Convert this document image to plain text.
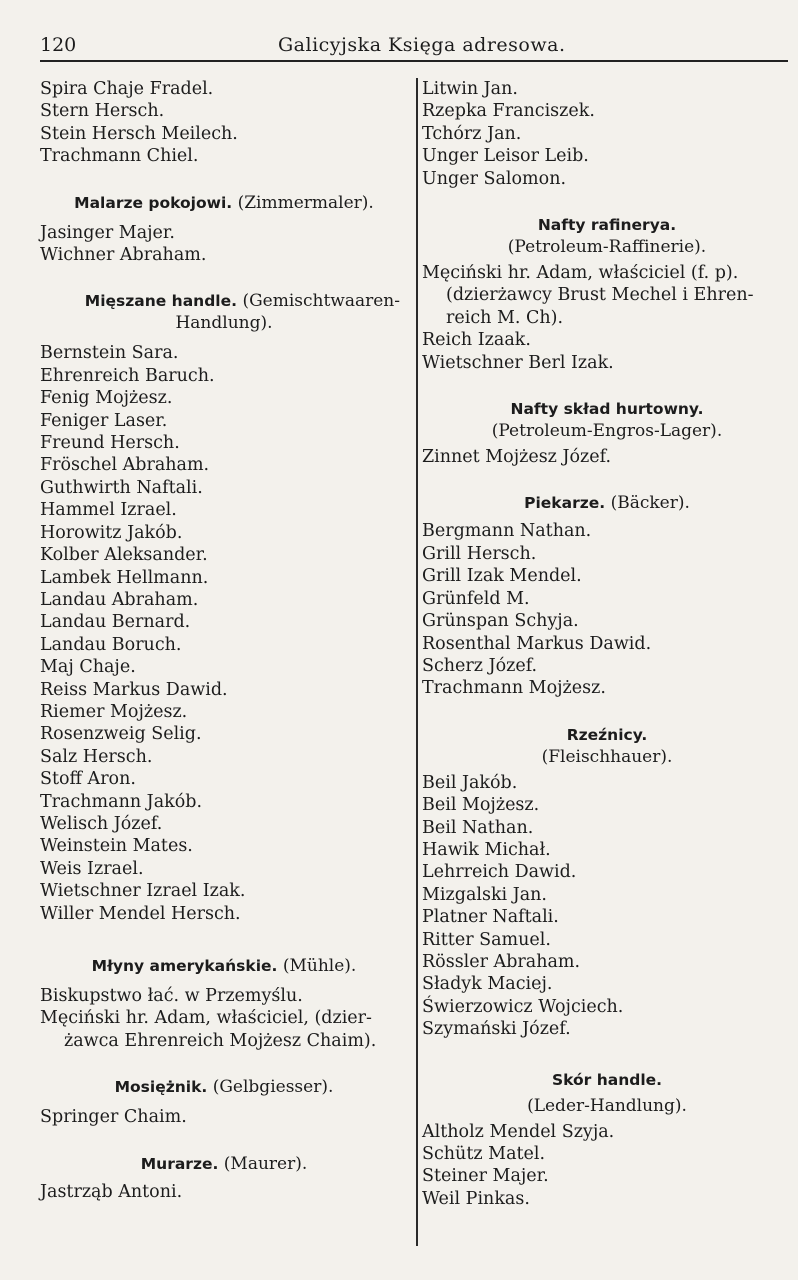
120	Galicyjska Księga adresowa.
Spira Chaje Fradel.
Stern Hersch.
Stein Hersch Meilech.
Trachmann Chiel.
Malarze pokojowi. (Zimmermaler).
Jasinger Majer.
Wichner Abraham.
Mięszane handle. (Gemischtwaaren-
Handlung).
Bernstein Sara.
Ehrenreich Baruch.
Fenig Mojżesz.
Feniger Laser.
Freund Hersch.
Fröschel Abraham.
Guthwirth Naftali.
Hammel Izrael.
Horowitz Jakób.
Kolber Aleksander.
Lambek Hellmann.
Landau Abraham.
Landau Bernard.
Landau Boruch.
Maj Chaje.
Reiss Markus Dawid.
Riemer Mojżesz.
Rosenzweig Selig.
Salz Hersch.
Stoff Aron.
Trachmann Jakób.
Welisch Józef.
Weinstein Mates.
Weis Izrael.
Wietschner Izrael Izak.
Willer Mendel Hersch.
Młyny amerykańskie. (Mühle).
Biskupstwo łać. w Przemyślu.
Męciński hr. Adam, właściciel, (dzier-
żawca Ehrenreich Mojżesz Chaim).
Mosiężnik. (Gelbgiesser).
Springer Chaim.
Murarze. (Maurer).
Jastrząb Antoni.
Litwin Jan.
Rzepka Franciszek.
Tchórz Jan.
Unger Leisor Leib.
Unger Salomon.
Nafty rafinerya.
(Petroleum-Raffinerie).
Męciński hr. Adam, właściciel (f. p).
(dzierżawcy Brust Mechel i Ehren-
reich M. Ch).
Reich Izaak.
Wietschner Berl Izak.
Nafty skład hurtowny.
(Petroleum-Engros-Lager).
Zinnet Mojżesz Józef.
Piekarze. (Bäcker).
Bergmann Nathan.
Grill Hersch.
Grill Izak Mendel.
Grünfeld M.
Grünspan Schyja.
Rosenthal Markus Dawid.
Scherz Józef.
Trachmann Mojżesz.
Rzeźnicy.
(Fleischhauer).
Beil Jakób.
Beil Mojżesz.
Beil Nathan.
Hawik Michał.
Lehrreich Dawid.
Mizgalski Jan.
Platner Naftali.
Ritter Samuel.
Rössler Abraham.
Sładyk Maciej.
Świerzowicz Wojciech.
Szymański Józef.
Skór handle.
(Leder-Handlung).
Altholz Mendel Szyja.
Schütz Matel.
Steiner Majer.
Weil Pinkas.
